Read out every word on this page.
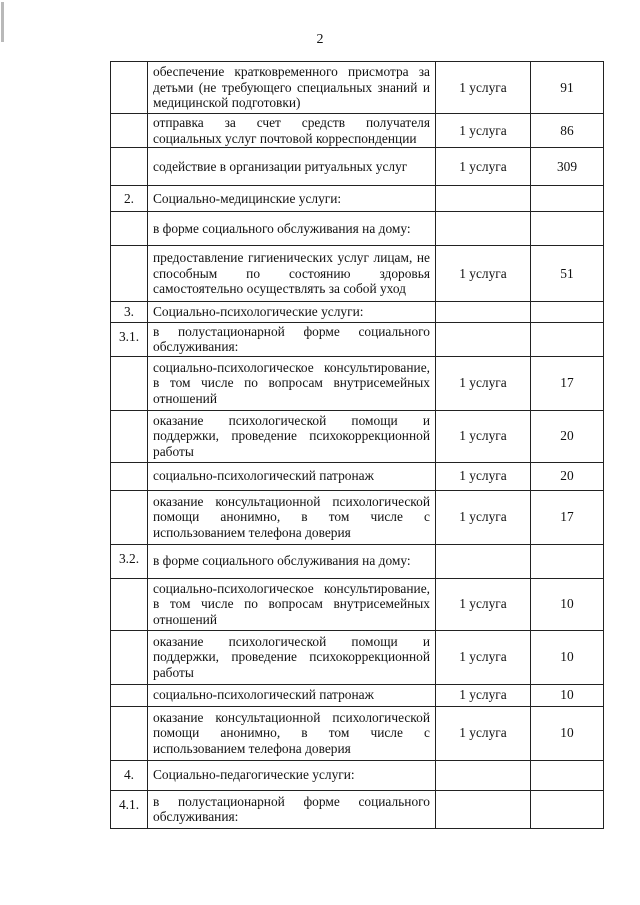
2
	обеспечение кратковременного присмотра за детьми (не требующего специальных знаний и медицинской подготовки)	1 услуга	91
	отправка за счет средств получателя социальных услуг почтовой корреспонденции	1 услуга	86
	содействие в организации ритуальных услуг	1 услуга	309
2.	Социально-медицинские услуги:		
	в форме социального обслуживания на дому:		
	предоставление гигиенических услуг лицам, не способным по состоянию здоровья самостоятельно осуществлять за собой уход	1 услуга	51
3.	Социально-психологические услуги:		
3.1.	в полустационарной форме социального обслуживания:		
	социально-психологическое консультирование, в том числе по вопросам внутрисемейных отношений	1 услуга	17
	оказание психологической помощи и поддержки, проведение психокоррекционной работы	1 услуга	20
	социально-психологический патронаж	1 услуга	20
	оказание консультационной психологической помощи анонимно, в том числе с использованием телефона доверия	1 услуга	17
3.2.	в форме социального обслуживания на дому:		
	социально-психологическое консультирование, в том числе по вопросам внутрисемейных отношений	1 услуга	10
	оказание психологической помощи и поддержки, проведение психокоррекционной работы	1 услуга	10
	социально-психологический патронаж	1 услуга	10
	оказание консультационной психологической помощи анонимно, в том числе с использованием телефона доверия	1 услуга	10
4.	Социально-педагогические услуги:		
4.1.	в полустационарной форме социального обслуживания:		
